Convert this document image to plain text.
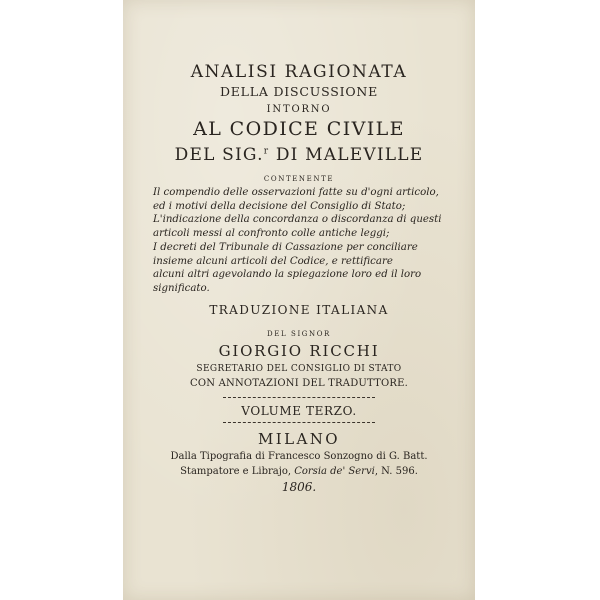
ANALISI RAGIONATA
DELLA DISCUSSIONE
INTORNO
AL CODICE CIVILE
DEL SIG.$^r$ DI MALEVILLE
CONTENENTE

Il compendio delle osservazioni fatte su d'ogni articolo,

ed i motivi della decisione del Consiglio di Stato;

L'indicazione della concordanza o discordanza di questi

articoli messi al confronto colle antiche leggi;

I decreti del Tribunale di Cassazione per conciliare

insieme alcuni articoli del Codice, e rettificare

alcuni altri agevolando la spiegazione loro ed il loro

significato.

TRADUZIONE ITALIANA
DEL SIGNOR
GIORGIO RICCHI
SEGRETARIO DEL CONSIGLIO DI STATO
CON ANNOTAZIONI DEL TRADUTTORE.
VOLUME TERZO.
MILANO
Dalla Tipografia di Francesco Sonzogno di G. Batt.
Stampatore e Librajo, Corsia de' Servi, N. 596.
1806.
